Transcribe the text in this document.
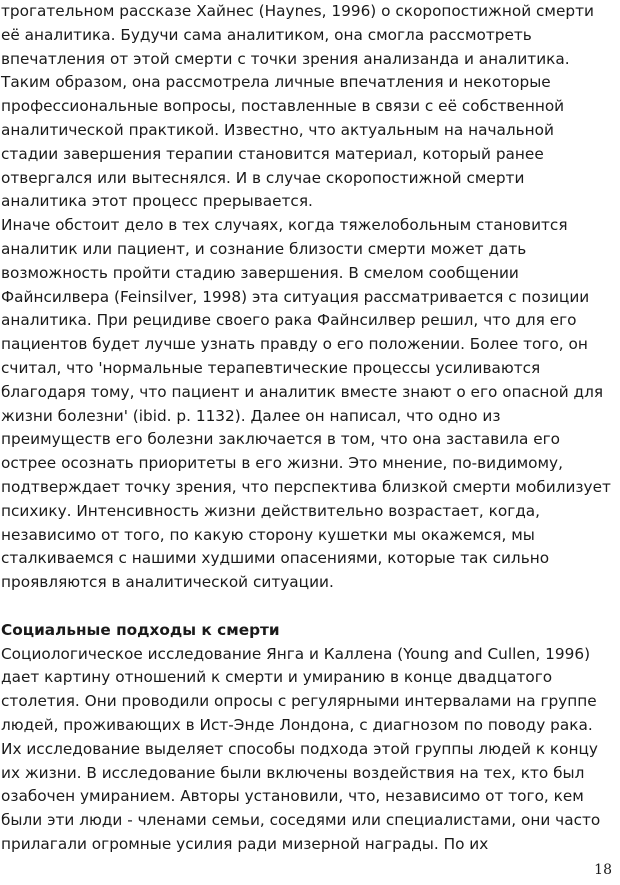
трогательном рассказе Хайнес (Haynes, 1996) о скоропостижной смерти
её аналитика. Будучи сама аналитиком, она смогла рассмотреть
впечатления от этой смерти с точки зрения анализанда и аналитика.
Таким образом, она рассмотрела личные впечатления и некоторые
профессиональные вопросы, поставленные в связи с её собственной
аналитической практикой. Известно, что актуальным на начальной
стадии завершения терапии становится материал, который ранее
отвергался или вытеснялся. И в случае скоропостижной смерти
аналитика этот процесс прерывается.
Иначе обстоит дело в тех случаях, когда тяжелобольным становится
аналитик или пациент, и сознание близости смерти может дать
возможность пройти стадию завершения. В смелом сообщении
Файнсилвера (Feinsilver, 1998) эта ситуация рассматривается с позиции
аналитика. При рецидиве своего рака Файнсилвер решил, что для его
пациентов будет лучше узнать правду о его положении. Более того, он
считал, что 'нормальные терапевтические процессы усиливаются
благодаря тому, что пациент и аналитик вместе знают о его опасной для
жизни болезни' (ibid. p. 1132). Далее он написал, что одно из
преимуществ его болезни заключается в том, что она заставила его
острее осознать приоритеты в его жизни. Это мнение, по-видимому,
подтверждает точку зрения, что перспектива близкой смерти мобилизует
психику. Интенсивность жизни действительно возрастает, когда,
независимо от того, по какую сторону кушетки мы окажемся, мы
сталкиваемся с нашими худшими опасениями, которые так сильно
проявляются в аналитической ситуации.
Социальные подходы к смерти
Социологическое исследование Янга и Каллена (Young and Cullen, 1996)
дает картину отношений к смерти и умиранию в конце двадцатого
столетия. Они проводили опросы с регулярными интервалами на группе
людей, проживающих в Ист-Энде Лондона, с диагнозом по поводу рака.
Их исследование выделяет способы подхода этой группы людей к концу
их жизни. В исследование были включены воздействия на тех, кто был
озабочен умиранием. Авторы установили, что, независимо от того, кем
были эти люди - членами семьи, соседями или специалистами, они часто
прилагали огромные усилия ради мизерной награды. По их
18
